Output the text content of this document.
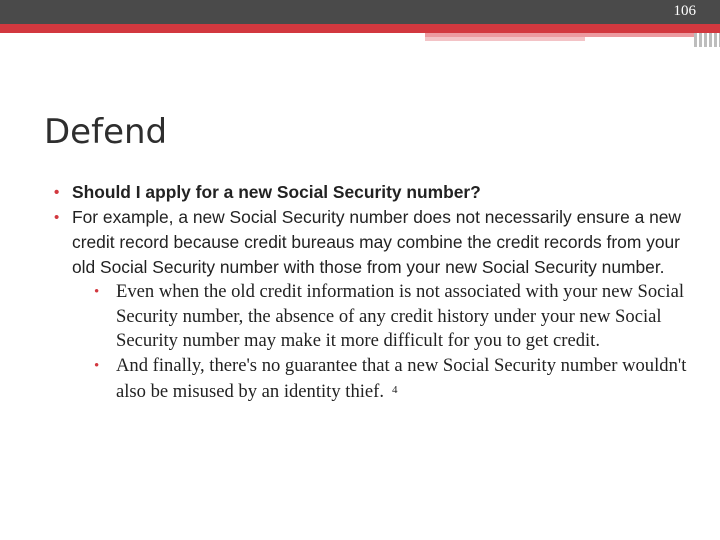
106
Defend
• Should I apply for a new Social Security number?
• For example, a new Social Security number does not necessarily ensure a new credit record because credit bureaus may combine the credit records from your old Social Security number with those from your new Social Security number.
• Even when the old credit information is not associated with your new Social Security number, the absence of any credit history under your new Social Security number may make it more difficult for you to get credit.
• And finally, there's no guarantee that a new Social Security number wouldn't also be misused by an identity thief. $^4$
